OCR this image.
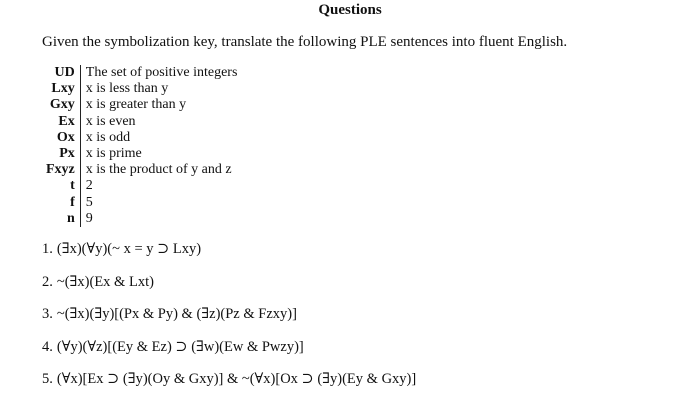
Questions
Given the symbolization key, translate the following PLE sentences into fluent English.
UD	The set of positive integers
Lxy	x is less than y
Gxy	x is greater than y
Ex	x is even
Ox	x is odd
Px	x is prime
Fxyz	x is the product of y and z
t	2
f	5
n	9
1. (∃x)(∀y)(~ x = y ⊃ Lxy)
2. ~(∃x)(Ex & Lxt)
3. ~(∃x)(∃y)[(Px & Py) & (∃z)(Pz & Fzxy)]
4. (∀y)(∀z)[(Ey & Ez) ⊃ (∃w)(Ew & Pwzy)]
5. (∀x)[Ex ⊃ (∃y)(Oy & Gxy)] & ~(∀x)[Ox ⊃ (∃y)(Ey & Gxy)]
